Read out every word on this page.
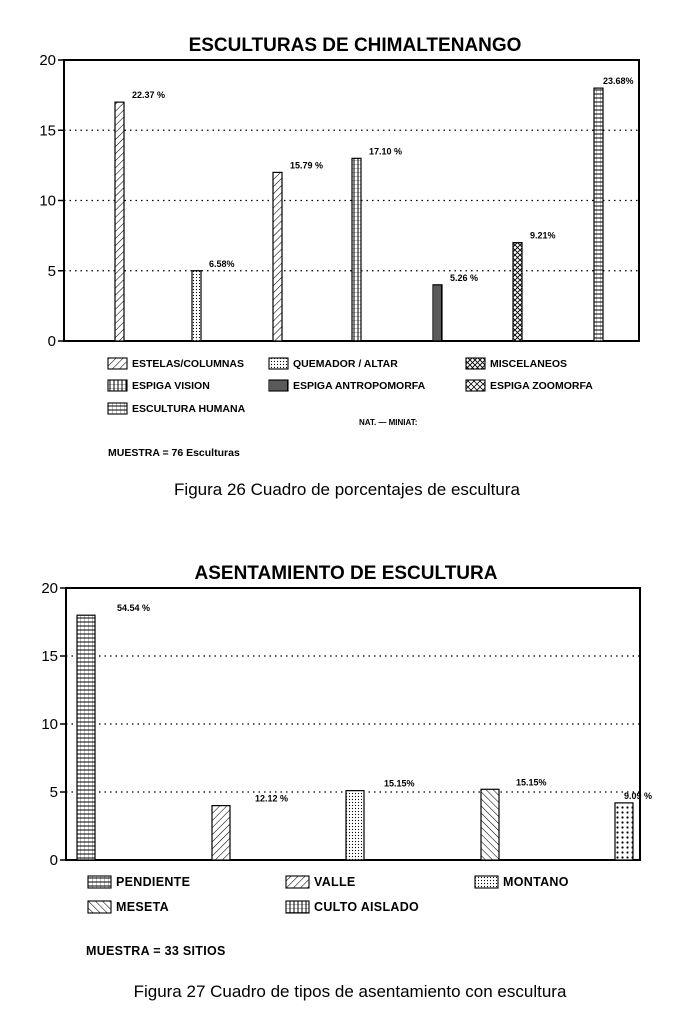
ESCULTURAS DE CHIMALTENANGO
0
5
10
15
20
22.37 %
6.58%
15.79 %
17.10 %
5.26 %
9.21%
23.68%
ESTELAS/COLUMNAS	QUEMADOR / ALTAR	MISCELANEOS
ESPIGA VISION	ESPIGA ANTROPOMORFA	ESPIGA ZOOMORFA
ESCULTURA HUMANA
NAT. — MINIAT:
MUESTRA = 76 Esculturas
Figura 26 Cuadro de porcentajes de escultura
ASENTAMIENTO DE ESCULTURA
0
5
10
15
20
54.54 %
12.12 %
15.15%	15.15%
9.09 %
PENDIENTE	VALLE	MONTANO
MESETA	CULTO AISLADO
MUESTRA = 33 SITIOS
Figura 27 Cuadro de tipos de asentamiento con escultura
